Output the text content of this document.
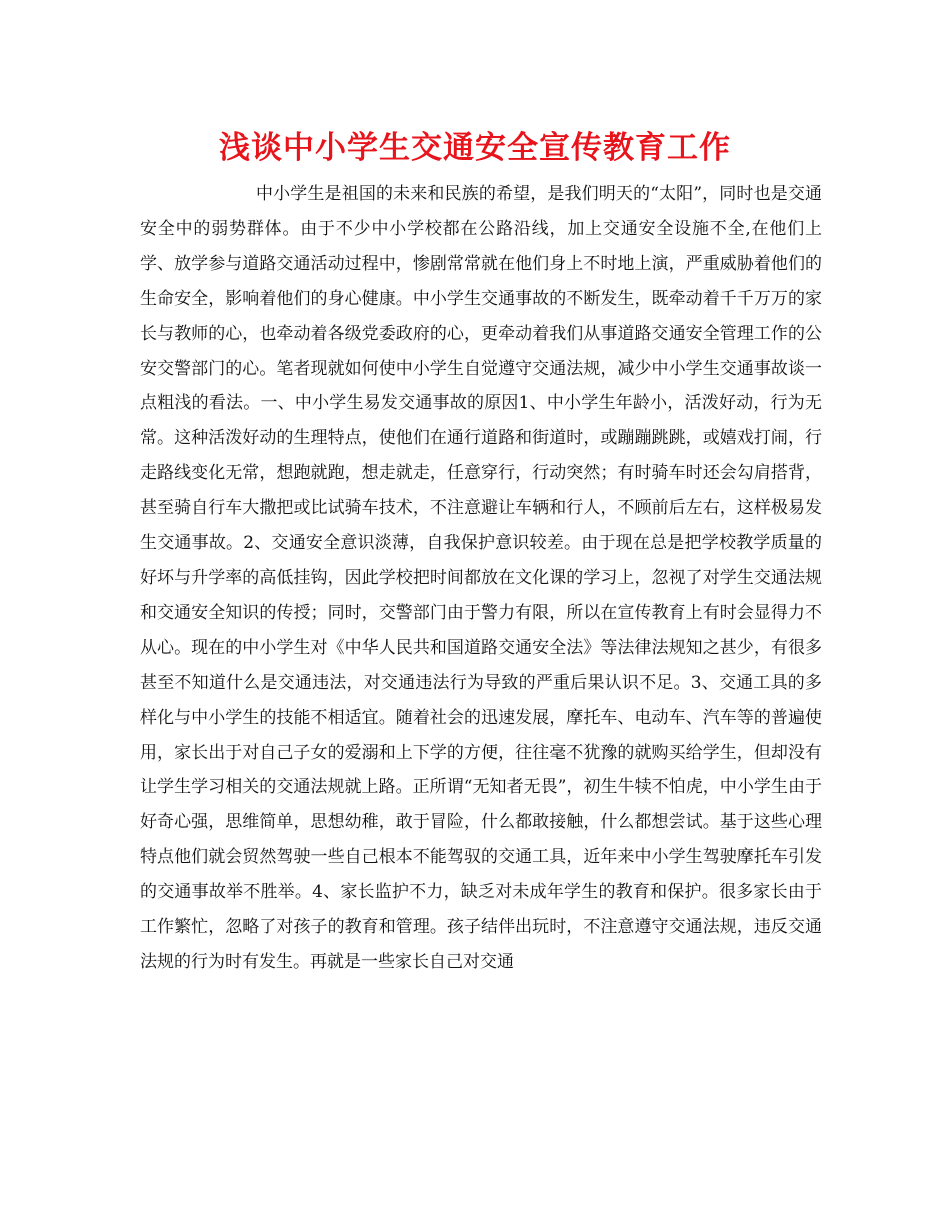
浅谈中小学生交通安全宣传教育工作

中小学生是祖国的未来和民族的希望，是我们明天的“太阳”，同时也是交通安全中的弱势群体。由于不少中小学校都在公路沿线，加上交通安全设施不全,在他们上学、放学参与道路交通活动过程中，惨剧常常就在他们身上不时地上演，严重威胁着他们的生命安全，影响着他们的身心健康。中小学生交通事故的不断发生，既牵动着千千万万的家长与教师的心，也牵动着各级党委政府的心，更牵动着我们从事道路交通安全管理工作的公安交警部门的心。笔者现就如何使中小学生自觉遵守交通法规，减少中小学生交通事故谈一点粗浅的看法。一、中小学生易发交通事故的原因1、中小学生年龄小，活泼好动，行为无常。这种活泼好动的生理特点，使他们在通行道路和街道时，或蹦蹦跳跳，或嬉戏打闹，行走路线变化无常，想跑就跑，想走就走，任意穿行，行动突然；有时骑车时还会勾肩搭背，甚至骑自行车大撒把或比试骑车技术，不注意避让车辆和行人，不顾前后左右，这样极易发生交通事故。2、交通安全意识淡薄，自我保护意识较差。由于现在总是把学校教学质量的好坏与升学率的高低挂钩，因此学校把时间都放在文化课的学习上，忽视了对学生交通法规和交通安全知识的传授；同时，交警部门由于警力有限，所以在宣传教育上有时会显得力不从心。现在的中小学生对《中华人民共和国道路交通安全法》等法律法规知之甚少，有很多甚至不知道什么是交通违法，对交通违法行为导致的严重后果认识不足。3、交通工具的多样化与中小学生的技能不相适宜。随着社会的迅速发展，摩托车、电动车、汽车等的普遍使用，家长出于对自己子女的爱溺和上下学的方便，往往毫不犹豫的就购买给学生，但却没有让学生学习相关的交通法规就上路。正所谓“无知者无畏”，初生牛犊不怕虎，中小学生由于好奇心强，思维简单，思想幼稚，敢于冒险，什么都敢接触，什么都想尝试。基于这些心理特点他们就会贸然驾驶一些自己根本不能驾驭的交通工具，近年来中小学生驾驶摩托车引发的交通事故举不胜举。4、家长监护不力，缺乏对未成年学生的教育和保护。很多家长由于工作繁忙，忽略了对孩子的教育和管理。孩子结伴出玩时，不注意遵守交通法规，违反交通法规的行为时有发生。再就是一些家长自己对交通
